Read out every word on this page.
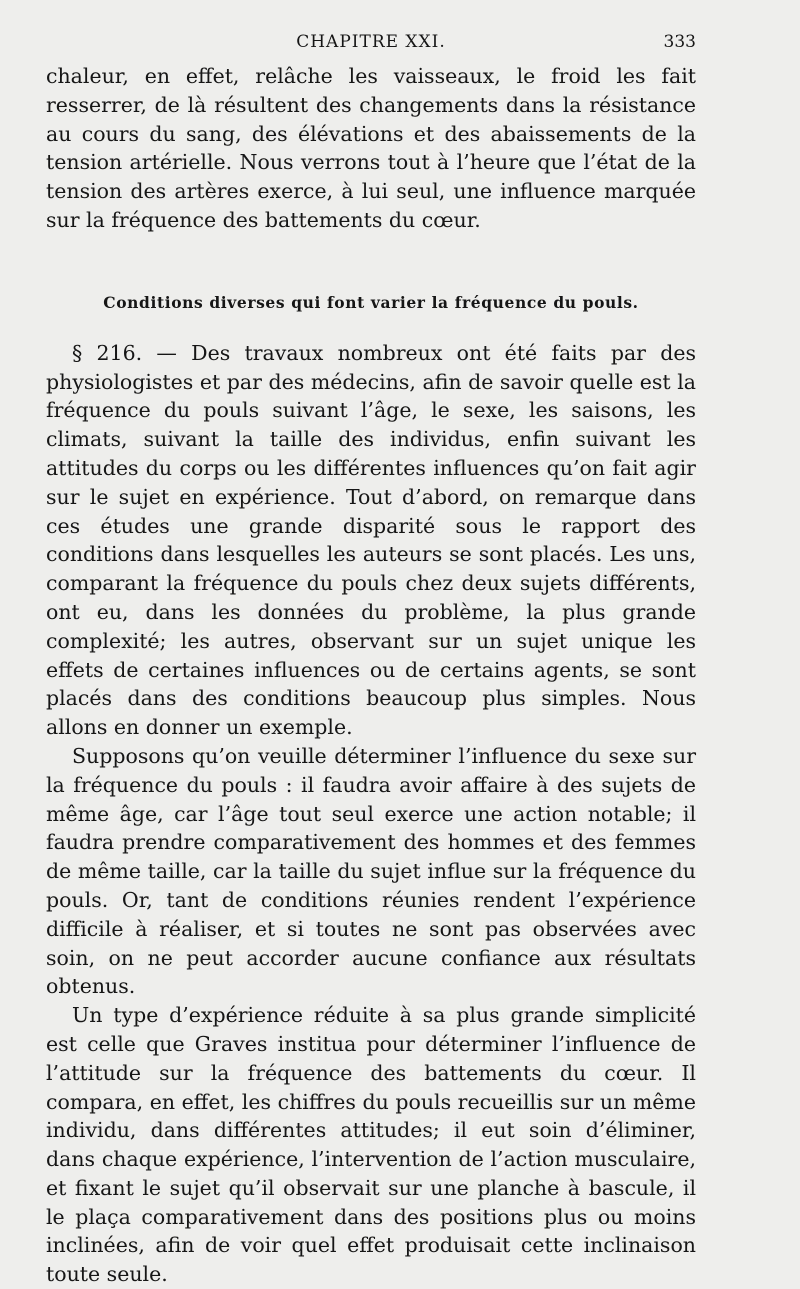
CHAPITRE XXI.	333

chaleur, en effet, relâche les vaisseaux, le froid les fait resserrer, de là résultent des changements dans la résistance au cours du sang, des élévations et des abaissements de la tension artérielle. Nous verrons tout à l’heure que l’état de la tension des artères exerce, à lui seul, une influence marquée sur la fréquence des battements du cœur.

Conditions diverses qui font varier la fréquence du pouls.

§ 216. — Des travaux nombreux ont été faits par des physiologistes et par des médecins, afin de savoir quelle est la fréquence du pouls suivant l’âge, le sexe, les saisons, les climats, suivant la taille des individus, enfin suivant les attitudes du corps ou les différentes influences qu’on fait agir sur le sujet en expérience. Tout d’abord, on remarque dans ces études une grande disparité sous le rapport des conditions dans lesquelles les auteurs se sont placés. Les uns, comparant la fréquence du pouls chez deux sujets différents, ont eu, dans les données du problème, la plus grande complexité; les autres, observant sur un sujet unique les effets de certaines influences ou de certains agents, se sont placés dans des conditions beaucoup plus simples. Nous allons en donner un exemple.

Supposons qu’on veuille déterminer l’influence du sexe sur la fréquence du pouls : il faudra avoir affaire à des sujets de même âge, car l’âge tout seul exerce une action notable; il faudra prendre comparativement des hommes et des femmes de même taille, car la taille du sujet influe sur la fréquence du pouls. Or, tant de conditions réunies rendent l’expérience difficile à réaliser, et si toutes ne sont pas observées avec soin, on ne peut accorder aucune confiance aux résultats obtenus.

Un type d’expérience réduite à sa plus grande simplicité est celle que Graves institua pour déterminer l’influence de l’attitude sur la fréquence des battements du cœur. Il compara, en effet, les chiffres du pouls recueillis sur un même individu, dans différentes attitudes; il eut soin d’éliminer, dans chaque expérience, l’intervention de l’action musculaire, et fixant le sujet qu’il observait sur une planche à bascule, il le plaça comparativement dans des positions plus ou moins inclinées, afin de voir quel effet produisait cette inclinaison toute seule.
